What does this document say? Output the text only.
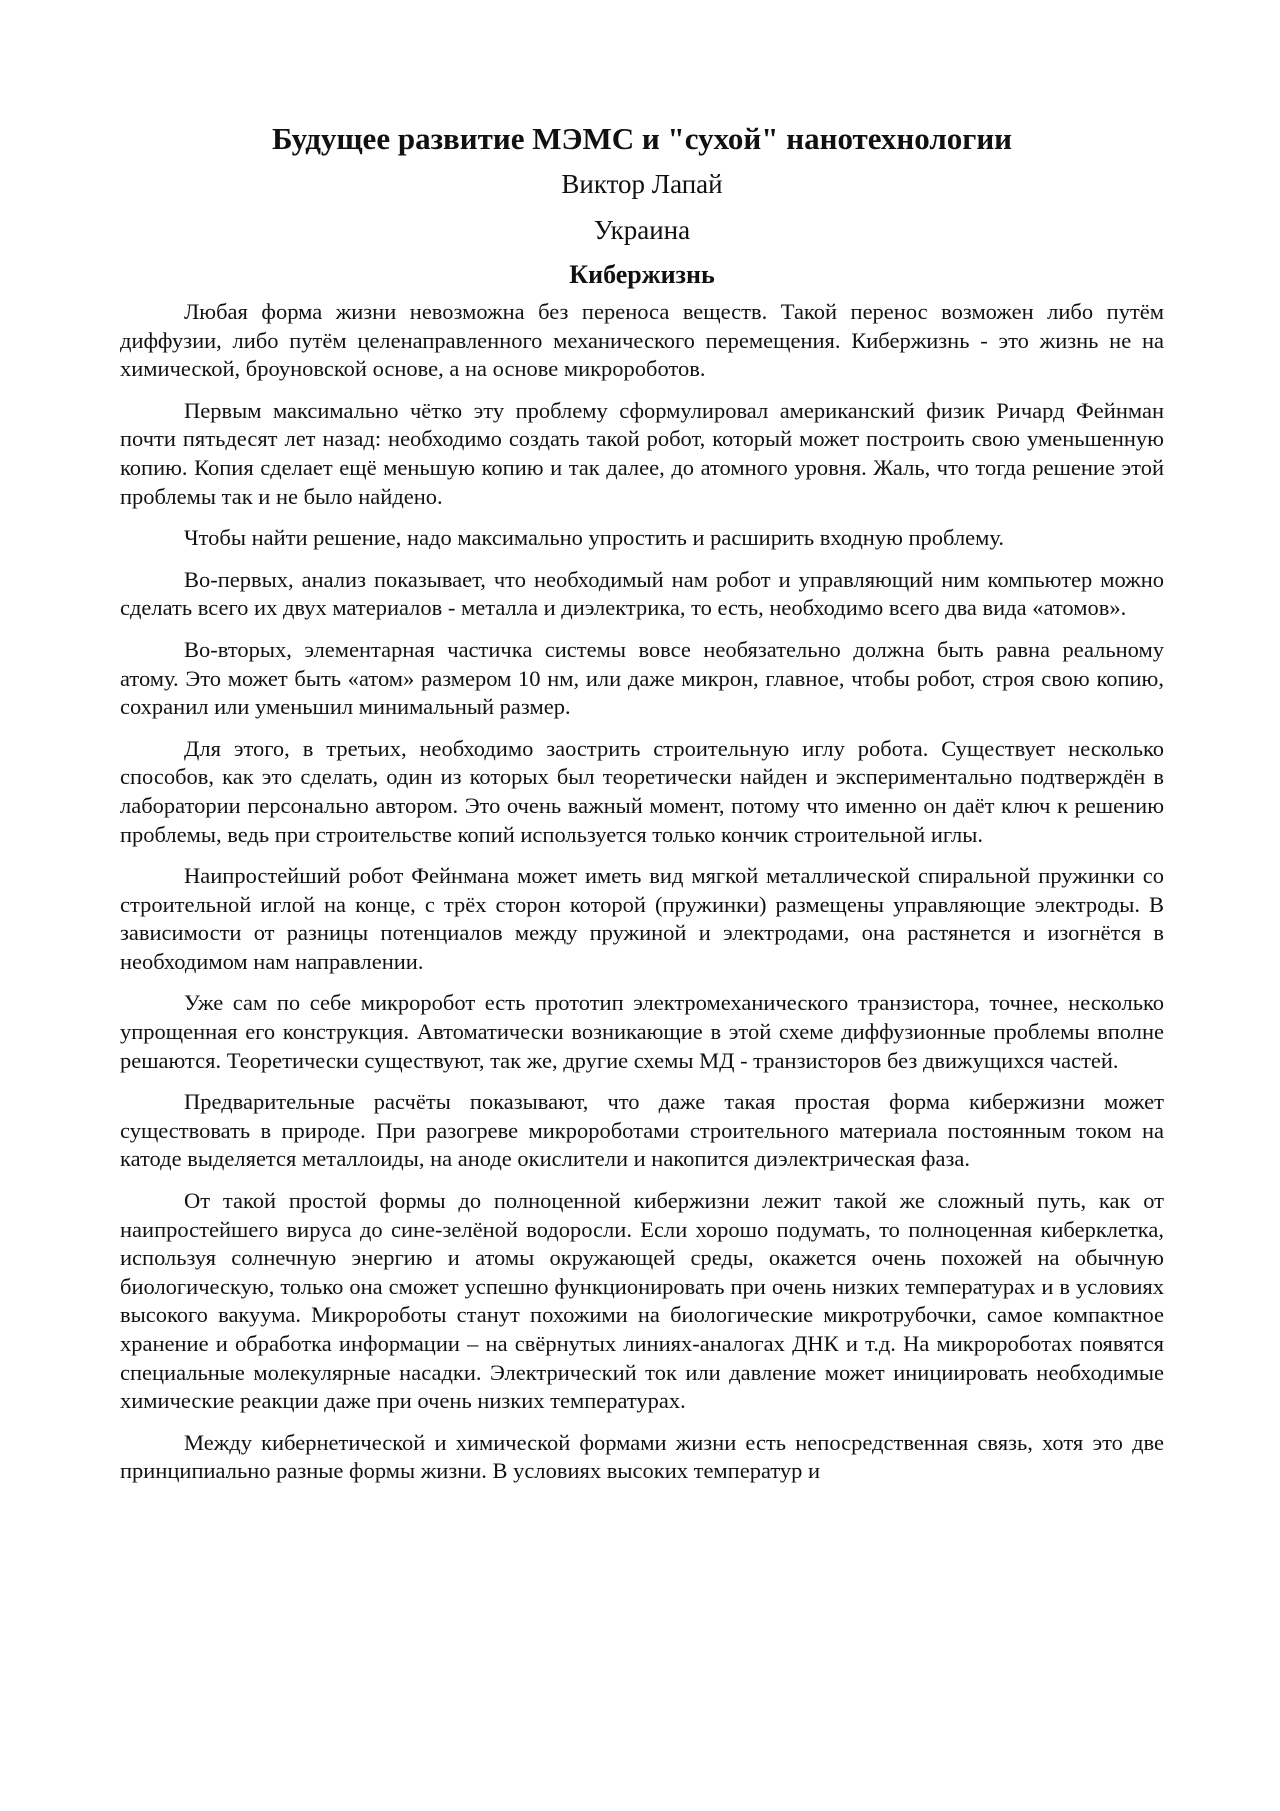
Будущее развитие МЭМС и "сухой" нанотехнологии
Виктор Лапай
Украина
Кибержизнь

Любая форма жизни невозможна без переноса веществ. Такой перенос возможен либо путём диффузии, либо путём целенаправленного механического перемещения. Кибержизнь - это жизнь не на химической, броуновской основе, а на основе микророботов.

Первым максимально чётко эту проблему сформулировал американский физик Ричард Фейнман почти пятьдесят лет назад: необходимо создать такой робот, который может построить свою уменьшенную копию. Копия сделает ещё меньшую копию и так далее, до атомного уровня. Жаль, что тогда решение этой проблемы так и не было найдено.

Чтобы найти решение, надо максимально упростить и расширить входную проблему.

Во-первых, анализ показывает, что необходимый нам робот и управляющий ним компьютер можно сделать всего их двух материалов - металла и диэлектрика, то есть, необходимо всего два вида «атомов».

Во-вторых, элементарная частичка системы вовсе необязательно должна быть равна реальному атому. Это может быть «атом» размером 10 нм, или даже микрон, главное, чтобы робот, строя свою копию, сохранил или уменьшил минимальный размер.

Для этого, в третьих, необходимо заострить строительную иглу робота. Существует несколько способов, как это сделать, один из которых был теоретически найден и экспериментально подтверждён в лаборатории персонально автором. Это очень важный момент, потому что именно он даёт ключ к решению проблемы, ведь при строительстве копий используется только кончик строительной иглы.

Наипростейший робот Фейнмана может иметь вид мягкой металлической спиральной пружинки со строительной иглой на конце, с трёх сторон которой (пружинки) размещены управляющие электроды. В зависимости от разницы потенциалов между пружиной и электродами, она растянется и изогнётся в необходимом нам направлении.

Уже сам по себе микроробот есть прототип электромеханического транзистора, точнее, несколько упрощенная его конструкция. Автоматически возникающие в этой схеме диффузионные проблемы вполне решаются. Теоретически существуют, так же, другие схемы МД - транзисторов без движущихся частей.

Предварительные расчёты показывают, что даже такая простая форма кибержизни может существовать в природе. При разогреве микророботами строительного материала постоянным током на катоде выделяется металлоиды, на аноде окислители и накопится диэлектрическая фаза.

От такой простой формы до полноценной кибержизни лежит такой же сложный путь, как от наипростейшего вируса до сине-зелёной водоросли. Если хорошо подумать, то полноценная киберклетка, используя солнечную энергию и атомы окружающей среды, окажется очень похожей на обычную биологическую, только она сможет успешно функционировать при очень низких температурах и в условиях высокого вакуума. Микророботы станут похожими на биологические микротрубочки, самое компактное хранение и обработка информации – на свёрнутых линиях-аналогах ДНК и т.д. На микророботах появятся специальные молекулярные насадки. Электрический ток или давление может инициировать необходимые химические реакции даже при очень низких температурах.

Между кибернетической и химической формами жизни есть непосредственная связь, хотя это две принципиально разные формы жизни. В условиях высоких температур и
